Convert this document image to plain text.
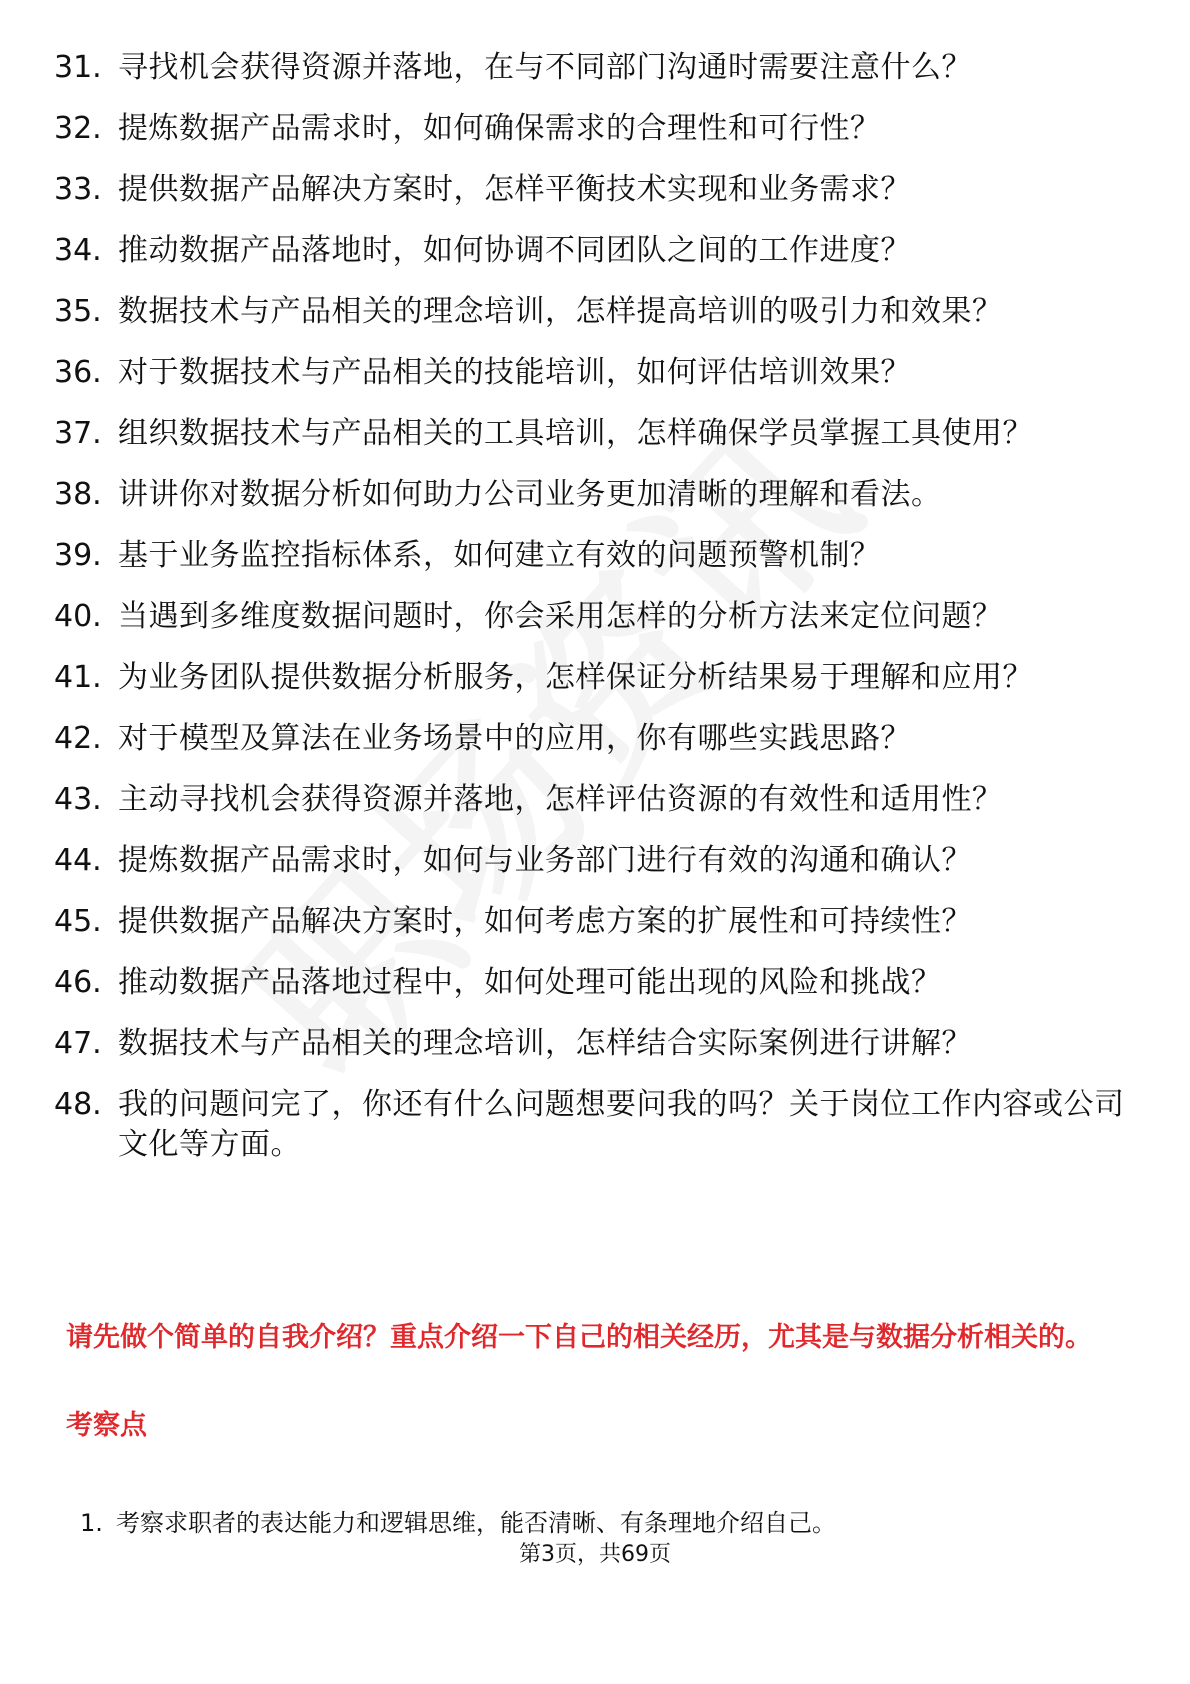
31. 寻找机会获得资源并落地，在与不同部门沟通时需要注意什么？
32. 提炼数据产品需求时，如何确保需求的合理性和可行性？
33. 提供数据产品解决方案时，怎样平衡技术实现和业务需求？
34. 推动数据产品落地时，如何协调不同团队之间的工作进度？
35. 数据技术与产品相关的理念培训，怎样提高培训的吸引力和效果？
36. 对于数据技术与产品相关的技能培训，如何评估培训效果？
37. 组织数据技术与产品相关的工具培训，怎样确保学员掌握工具使用？
38. 讲讲你对数据分析如何助力公司业务更加清晰的理解和看法。
39. 基于业务监控指标体系，如何建立有效的问题预警机制？
40. 当遇到多维度数据问题时，你会采用怎样的分析方法来定位问题？
41. 为业务团队提供数据分析服务，怎样保证分析结果易于理解和应用？
42. 对于模型及算法在业务场景中的应用，你有哪些实践思路？
43. 主动寻找机会获得资源并落地，怎样评估资源的有效性和适用性？
44. 提炼数据产品需求时，如何与业务部门进行有效的沟通和确认？
45. 提供数据产品解决方案时，如何考虑方案的扩展性和可持续性？
46. 推动数据产品落地过程中，如何处理可能出现的风险和挑战？
47. 数据技术与产品相关的理念培训，怎样结合实际案例进行讲解？
48. 我的问题问完了，你还有什么问题想要问我的吗？关于岗位工作内容或公司文化等方面。

请先做个简单的自我介绍？重点介绍一下自己的相关经历，尤其是与数据分析相关的。

考察点

1. 考察求职者的表达能力和逻辑思维，能否清晰、有条理地介绍自己。
第3页，共69页
